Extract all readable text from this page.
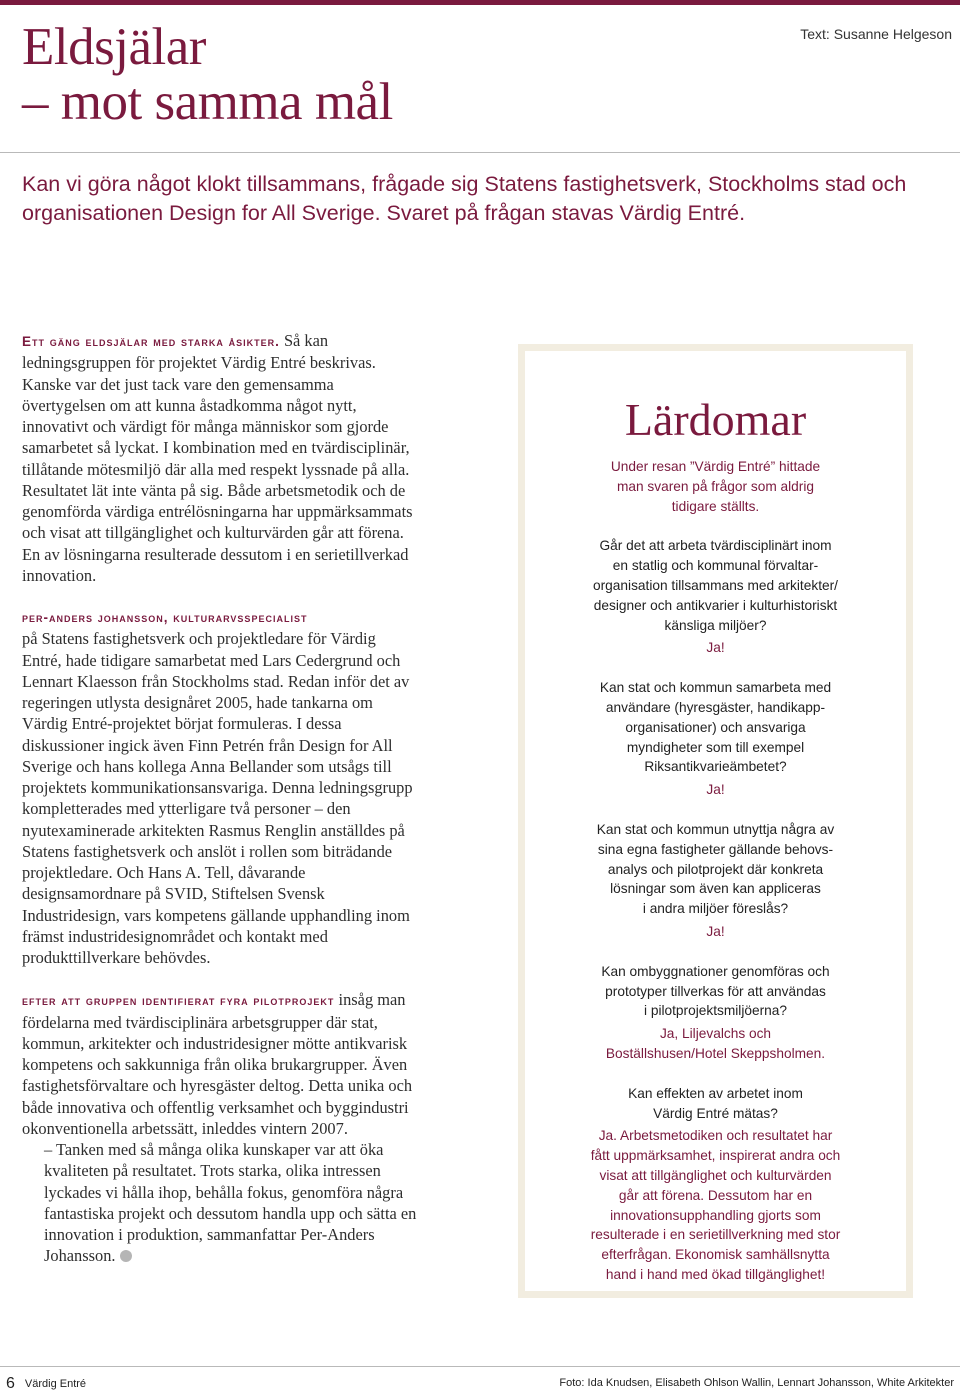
Text: Susanne Helgeson
Eldsjälar
– mot samma mål

Kan vi göra något klokt tillsammans, frågade sig Statens fastighetsverk, Stockholms stad och organisationen Design for All Sverige. Svaret på frågan stavas Värdig Entré.

Ett gäng eldsjälar med starka åsikter. Så kan ledningsgruppen för projektet Värdig Entré beskrivas. Kanske var det just tack vare den gemensamma övertygelsen om att kunna åstadkomma något nytt, innovativt och värdigt för många människor som gjorde samarbetet så lyckat. I kombination med en tvärdisciplinär, tillåtande mötesmiljö där alla med respekt lyssnade på alla. Resultatet lät inte vänta på sig. Både arbetsmetodik och de genomförda värdiga entrélösningarna har uppmärksammats och visat att tillgänglighet och kulturvärden går att förena. En av lösningarna resulterade dessutom i en serietillverkad innovation.

per-anders johansson, kulturarvsspecialist
på Statens fastighetsverk och projektledare för Värdig Entré, hade tidigare samarbetat med Lars Cedergrund och Lennart Klaesson från Stockholms stad. Redan inför det av regeringen utlysta designåret 2005, hade tankarna om Värdig Entré-projektet börjat formuleras. I dessa diskussioner ingick även Finn Petrén från Design for All Sverige och hans kollega Anna Bellander som utsågs till projektets kommunikationsansvariga. Denna ledningsgrupp kompletterades med ytterligare två personer – den nyutexaminerade arkitekten Rasmus Renglin anställdes på Statens fastighetsverk och anslöt i rollen som biträdande projektledare. Och Hans A. Tell, dåvarande designsamordnare på SVID, Stiftelsen Svensk Industridesign, vars kompetens gällande upphandling inom främst industridesignområdet och kontakt med produkttillverkare behövdes.

efter att gruppen identifierat fyra pilotprojekt insåg man fördelarna med tvärdisciplinära arbetsgrupper där stat, kommun, arkitekter och industridesigner mötte antikvarisk kompetens och sakkunniga från olika brukargrupper. Även fastighetsförvaltare och hyresgäster deltog. Detta unika och både innovativa och offentlig verksamhet och byggindustri okonventionella arbetssätt, inleddes vintern 2007.

– Tanken med så många olika kunskaper var att öka kvaliteten på resultatet. Trots starka, olika intressen lyckades vi hålla ihop, behålla fokus, genomföra några fantastiska projekt och dessutom handla upp och sätta en innovation i produktion, sammanfattar Per-Anders Johansson.

Lärdomar

Under resan ”Värdig Entré” hittade
man svaren på frågor som aldrig
tidigare ställts.

Går det att arbeta tvärdisciplinärt inom
en statlig och kommunal förvaltar-
organisation tillsammans med arkitekter/
designer och antikvarier i kulturhistoriskt
känsliga miljöer?
Ja!
Kan stat och kommun samarbeta med
användare (hyresgäster, handikapp-
organisationer) och ansvariga
myndigheter som till exempel
Riksantikvarieämbetet?
Ja!
Kan stat och kommun utnyttja några av
sina egna fastigheter gällande behovs-
analys och pilotprojekt där konkreta
lösningar som även kan appliceras
i andra miljöer föreslås?
Ja!
Kan ombyggnationer genomföras och
prototyper tillverkas för att användas
i pilotprojektsmiljöerna?
Ja, Liljevalchs och
Boställshusen/Hotel Skeppsholmen.
Kan effekten av arbetet inom
Värdig Entré mätas?
Ja. Arbetsmetodiken och resultatet har
fått uppmärksamhet, inspirerat andra och
visat att tillgänglighet och kulturvärden
går att förena. Dessutom har en
innovationsupphandling gjorts som
resulterade i en serietillverkning med stor
efterfrågan. Ekonomisk samhällsnytta
hand i hand med ökad tillgänglighet!
6 Värdig Entré	Foto: Ida Knudsen, Elisabeth Ohlson Wallin, Lennart Johansson, White Arkitekter
